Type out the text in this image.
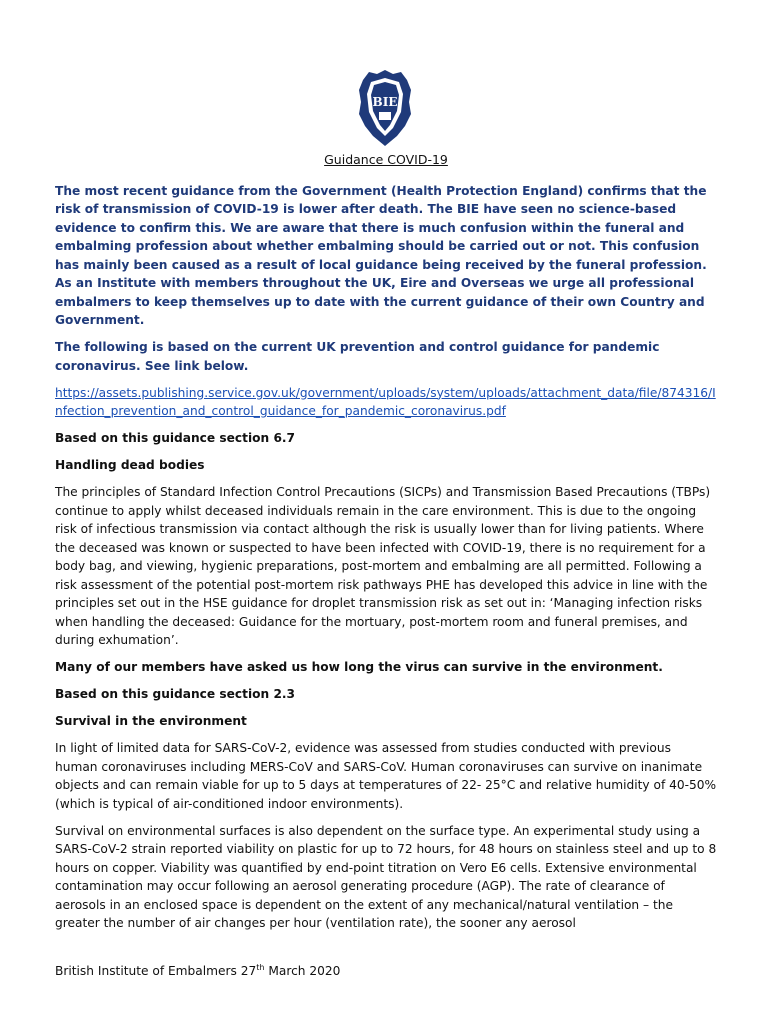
BIE
Guidance COVID-19

The most recent guidance from the Government (Health Protection England) confirms that the risk of transmission of COVID-19 is lower after death. The BIE have seen no science-based evidence to confirm this. We are aware that there is much confusion within the funeral and embalming profession about whether embalming should be carried out or not. This confusion has mainly been caused as a result of local guidance being received by the funeral profession. As an Institute with members throughout the UK, Eire and Overseas we urge all professional embalmers to keep themselves up to date with the current guidance of their own Country and Government.

The following is based on the current UK prevention and control guidance for pandemic coronavirus. See link below.

https://assets.publishing.service.gov.uk/government/uploads/system/uploads/attachment_data/file/874316/Infection_prevention_and_control_guidance_for_pandemic_coronavirus.pdf

Based on this guidance section 6.7

Handling dead bodies

The principles of Standard Infection Control Precautions (SICPs) and Transmission Based Precautions (TBPs) continue to apply whilst deceased individuals remain in the care environment. This is due to the ongoing risk of infectious transmission via contact although the risk is usually lower than for living patients. Where the deceased was known or suspected to have been infected with COVID-19, there is no requirement for a body bag, and viewing, hygienic preparations, post-mortem and embalming are all permitted. Following a risk assessment of the potential post-mortem risk pathways PHE has developed this advice in line with the principles set out in the HSE guidance for droplet transmission risk as set out in: ‘Managing infection risks when handling the deceased: Guidance for the mortuary, post-mortem room and funeral premises, and during exhumation’.

Many of our members have asked us how long the virus can survive in the environment.

Based on this guidance section 2.3

Survival in the environment

In light of limited data for SARS-CoV-2, evidence was assessed from studies conducted with previous human coronaviruses including MERS-CoV and SARS-CoV. Human coronaviruses can survive on inanimate objects and can remain viable for up to 5 days at temperatures of 22- 25°C and relative humidity of 40-50% (which is typical of air-conditioned indoor environments).

Survival on environmental surfaces is also dependent on the surface type. An experimental study using a SARS-CoV-2 strain reported viability on plastic for up to 72 hours, for 48 hours on stainless steel and up to 8 hours on copper. Viability was quantified by end-point titration on Vero E6 cells. Extensive environmental contamination may occur following an aerosol generating procedure (AGP). The rate of clearance of aerosols in an enclosed space is dependent on the extent of any mechanical/natural ventilation – the greater the number of air changes per hour (ventilation rate), the sooner any aerosol

British Institute of Embalmers 27th March 2020
